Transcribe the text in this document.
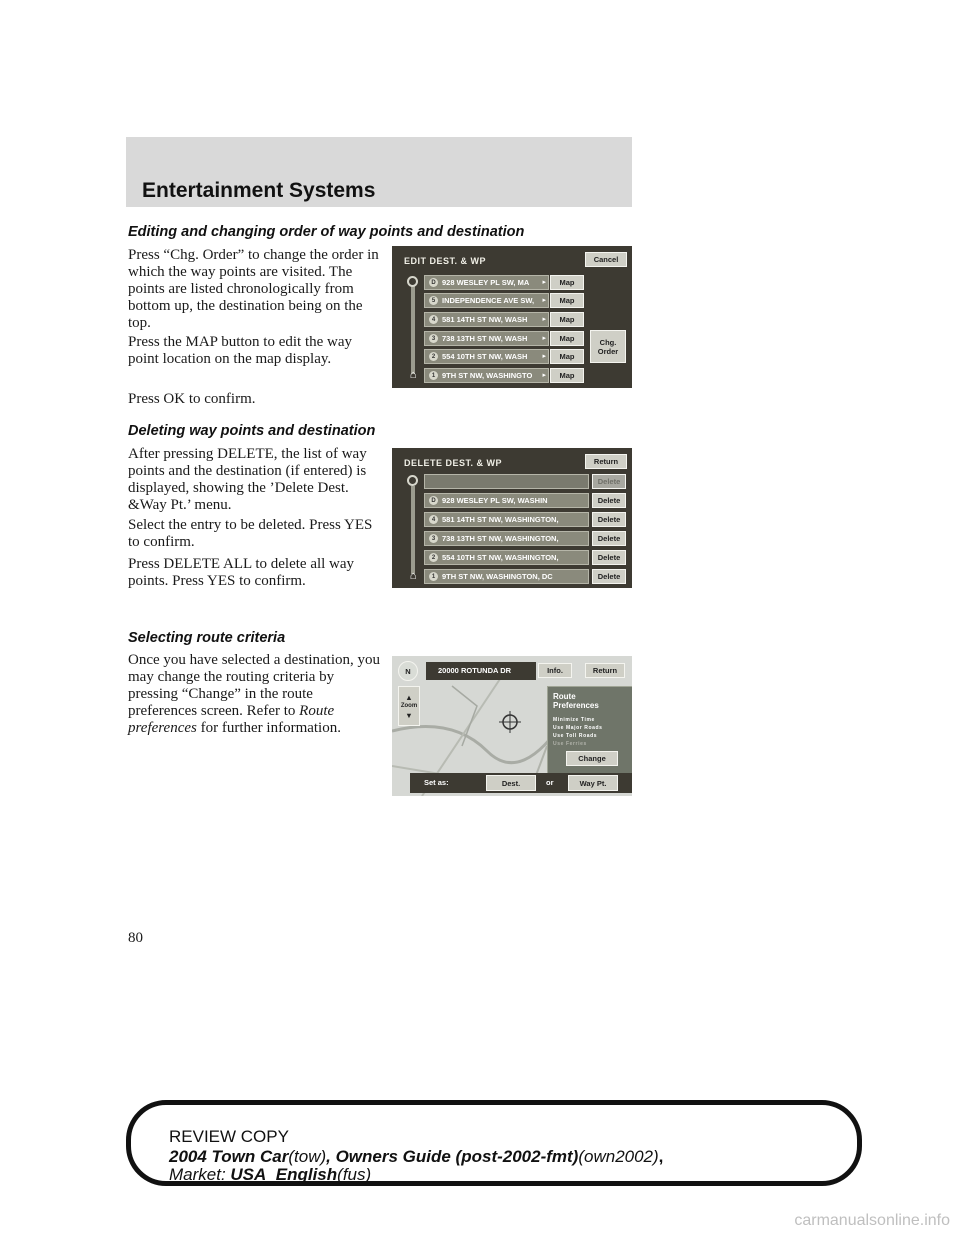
Entertainment Systems
Editing and changing order of way points and destination

Press “Chg. Order” to change the order in which the way points are visited. The points are listed chronologically from bottom up, the destination being on the top.

Press the MAP button to edit the way point location on the map display.

Press OK to confirm.

EDIT DEST. & WP	Cancel
⌂
D 928 WESLEY PL SW, MA ▸	Map
5 INDEPENDENCE AVE SW, ▸	Map
4 581 14TH ST NW, WASH ▸	Map
3 738 13TH ST NW, WASH ▸	Map
2 554 10TH ST NW, WASH ▸	Map
1 9TH ST NW, WASHINGTO ▸	Map
Chg. Order
Deleting way points and destination

After pressing DELETE, the list of way points and the destination (if entered) is displayed, showing the ’Delete Dest. &Way Pt.’ menu.

Select the entry to be deleted. Press YES to confirm.

Press DELETE ALL to delete all way points. Press YES to confirm.

DELETE DEST. & WP	Return
⌂
Delete
D 928 WESLEY PL SW, WASHIN	Delete
4 581 14TH ST NW, WASHINGTON,	Delete
3 738 13TH ST NW, WASHINGTON,	Delete
2 554 10TH ST NW, WASHINGTON,	Delete
1 9TH ST NW, WASHINGTON, DC	Delete
Selecting route criteria

Once you have selected a destination, you may change the routing criteria by pressing “Change” in the route preferences screen. Refer to Route preferences for further information.

N	20000 ROTUNDA DR	Info.	Return
▲
Zoom
▼
Route Preferences
Minimize Time
Use Major Roads
Use Toll Roads
Use Ferries
Change
Set as:	Dest.	or	Way Pt.
80
REVIEW COPY
2004 Town Car(tow), Owners Guide (post-2002-fmt)(own2002),
Market: USA_English(fus)
carmanualsonline.info
